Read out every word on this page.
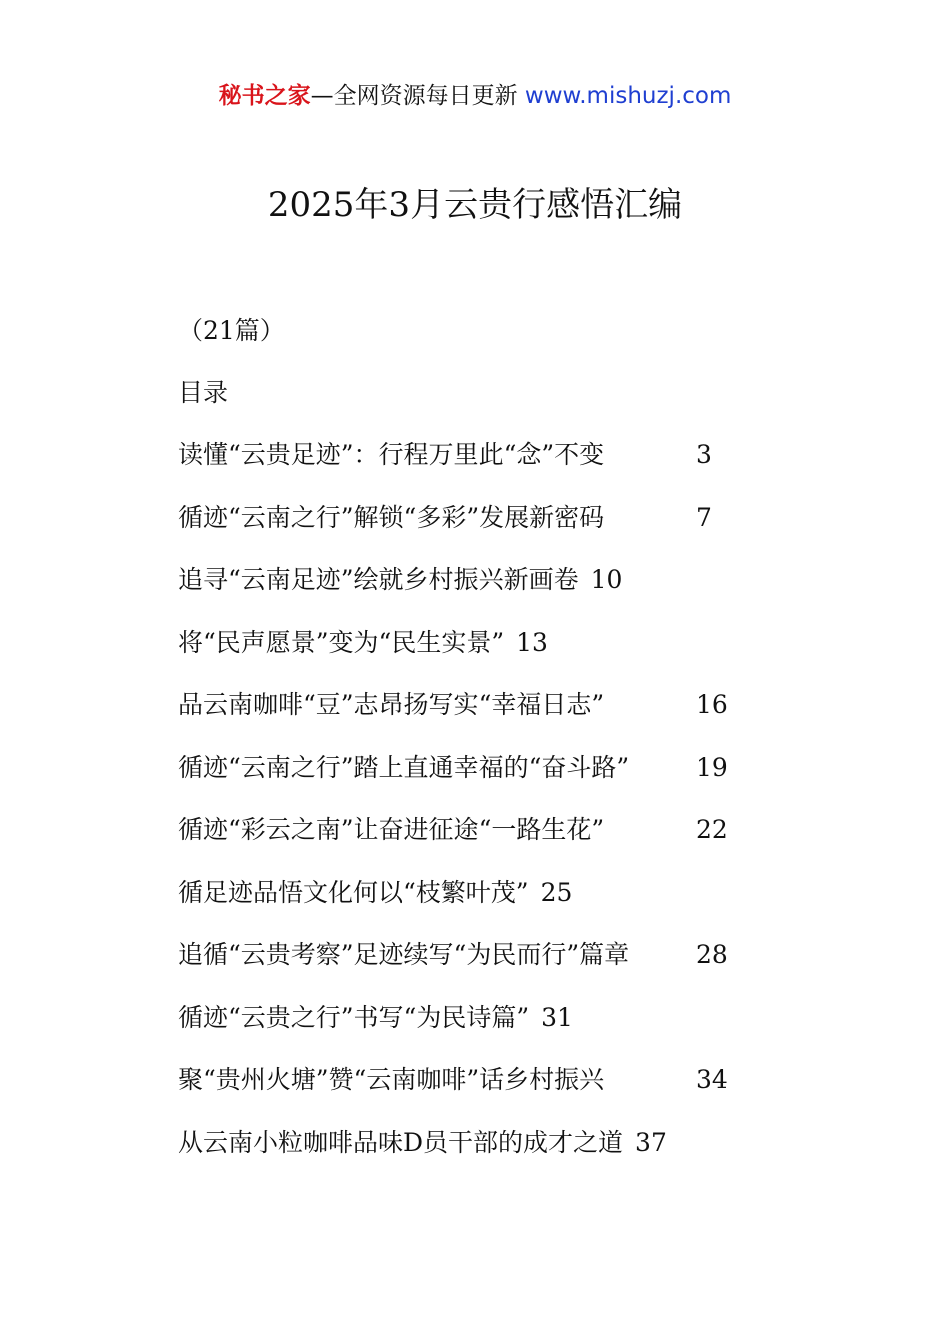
秘书之家—全网资源每日更新 www.mishuzj.com
2025年3月云贵行感悟汇编
（21篇）
目录
读懂“云贵足迹”：行程万里此“念”不变	3
循迹“云南之行”解锁“多彩”发展新密码	7
追寻“云南足迹”绘就乡村振兴新画卷 10
将“民声愿景”变为“民生实景” 13
品云南咖啡“豆”志昂扬写实“幸福日志”	16
循迹“云南之行”踏上直通幸福的“奋斗路”	19
循迹“彩云之南”让奋进征途“一路生花”	22
循足迹品悟文化何以“枝繁叶茂” 25
追循“云贵考察”足迹续写“为民而行”篇章	28
循迹“云贵之行”书写“为民诗篇” 31
聚“贵州火塘”赞“云南咖啡”话乡村振兴	34
从云南小粒咖啡品味D员干部的成才之道 37
